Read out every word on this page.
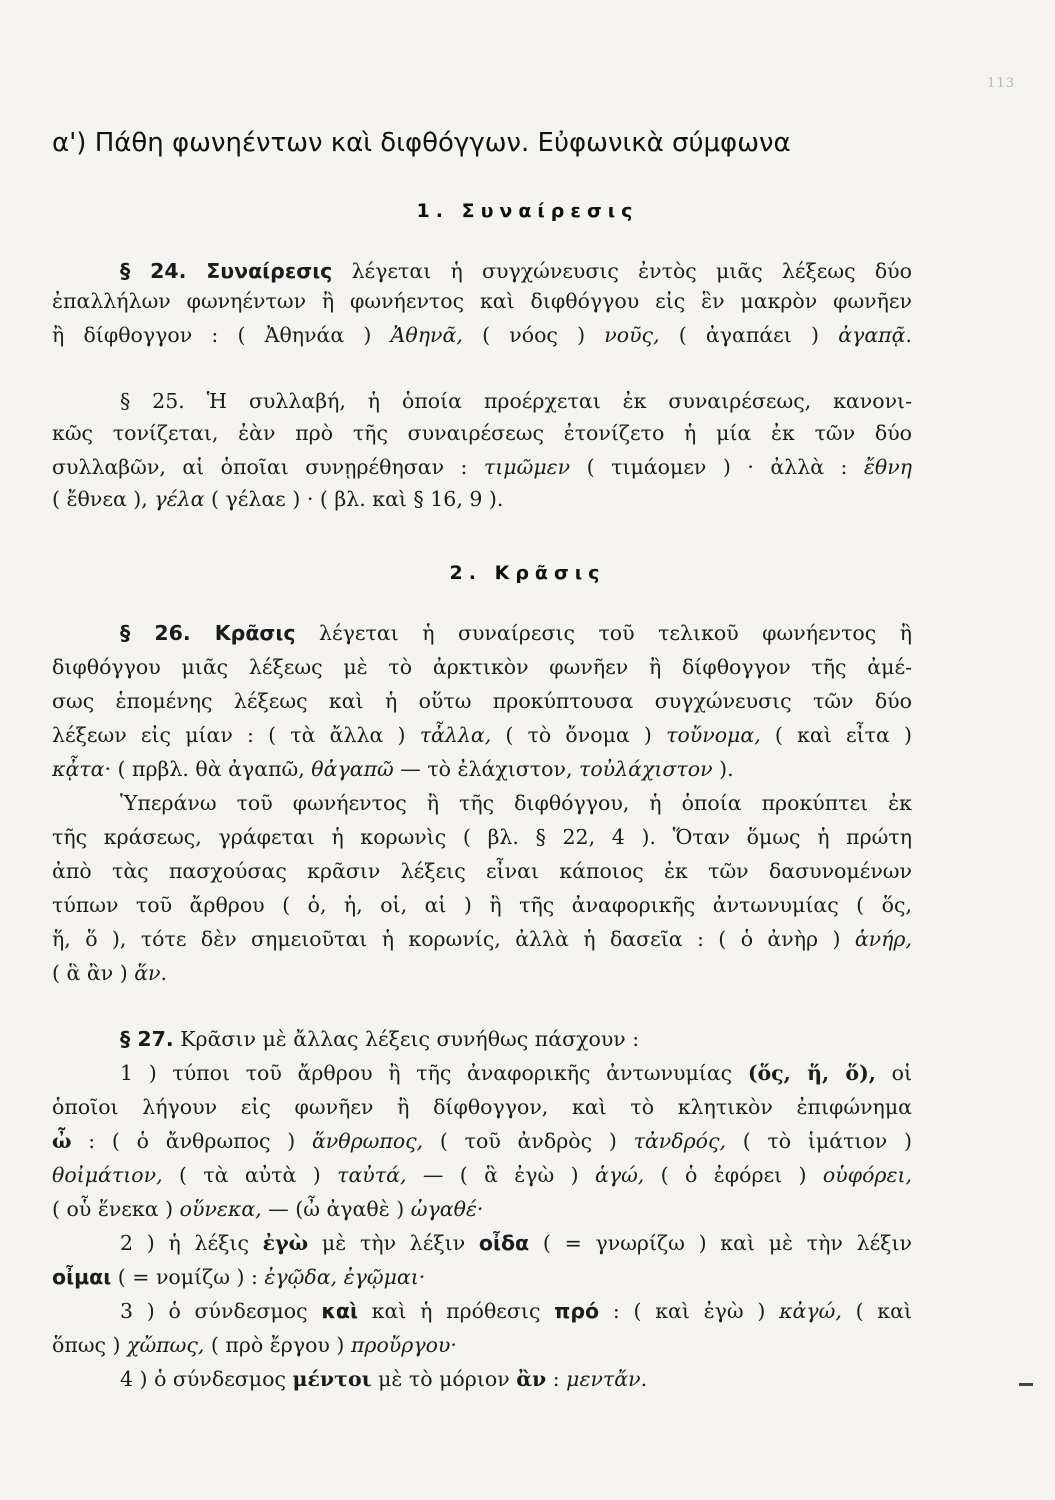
113
α') Πάθη φωνηέντων καὶ διφθόγγων. Εὐφωνικὰ σύμφωνα
1. Συναίρεσις
§ 24. Συναίρεσις λέγεται ἡ συγχώνευσις ἐντὸς μιᾶς λέξεως δύο
ἐπαλλήλων φωνηέντων ἢ φωνήεντος καὶ διφθόγγου εἰς ἓν μακρὸν φωνῆεν
ἢ δίφθογγον : ( Ἀθηνάα ) Ἀθηνᾶ, ( νόος ) νοῦς, ( ἀγαπάει ) ἀγαπᾷ.
§ 25. Ἡ συλλαβή, ἡ ὁποία προέρχεται ἐκ συναιρέσεως, κανονι-
κῶς τονίζεται, ἐὰν πρὸ τῆς συναιρέσεως ἐτονίζετο ἡ μία ἐκ τῶν δύο
συλλαβῶν, αἱ ὁποῖαι συνῃρέθησαν : τιμῶμεν ( τιμάομεν ) · ἀλλὰ : ἔθνη
( ἔθνεα ), γέλα ( γέλαε ) · ( βλ. καὶ § 16, 9 ).
2. Κρᾶσις
§ 26. Κρᾶσις λέγεται ἡ συναίρεσις τοῦ τελικοῦ φωνήεντος ἢ
διφθόγγου μιᾶς λέξεως μὲ τὸ ἀρκτικὸν φωνῆεν ἢ δίφθογγον τῆς ἀμέ-
σως ἑπομένης λέξεως καὶ ἡ οὕτω προκύπτουσα συγχώνευσις τῶν δύο
λέξεων εἰς μίαν : ( τὰ ἄλλα ) τἆλλα, ( τὸ ὄνομα ) τοὔνομα, ( καὶ εἶτα )
κᾆτα· ( πρβλ. θὰ ἀγαπῶ, θἀγαπῶ — τὸ ἐλάχιστον, τοὐλάχιστον ).
Ὑπεράνω τοῦ φωνήεντος ἢ τῆς διφθόγγου, ἡ ὁποία προκύπτει ἐκ
τῆς κράσεως, γράφεται ἡ κορωνὶς ( βλ. § 22, 4 ). Ὅταν ὅμως ἡ πρώτη
ἀπὸ τὰς πασχούσας κρᾶσιν λέξεις εἶναι κάποιος ἐκ τῶν δασυνομένων
τύπων τοῦ ἄρθρου ( ὁ, ἡ, οἱ, αἱ ) ἢ τῆς ἀναφορικῆς ἀντωνυμίας ( ὅς,
ἥ, ὅ ), τότε δὲν σημειοῦται ἡ κορωνίς, ἀλλὰ ἡ δασεῖα : ( ὁ ἀνὴρ ) ἁνήρ,
( ἃ ἂν ) ἅν.
§ 27. Κρᾶσιν μὲ ἄλλας λέξεις συνήθως πάσχουν :
1 ) τύποι τοῦ ἄρθρου ἢ τῆς ἀναφορικῆς ἀντωνυμίας (ὅς, ἥ, ὅ), οἱ
ὁποῖοι λήγουν εἰς φωνῆεν ἢ δίφθογγον, καὶ τὸ κλητικὸν ἐπιφώνημα
ὦ : ( ὁ ἄνθρωπος ) ἅνθρωπος, ( τοῦ ἀνδρὸς ) τἀνδρός, ( τὸ ἱμάτιον )
θοἰμάτιον, ( τὰ αὐτὰ ) ταὐτά, — ( ἃ ἐγὼ ) ἁγώ, ( ὁ ἐφόρει ) οὑφόρει,
( οὗ ἕνεκα ) οὕνεκα, — (ὦ ἀγαθὲ ) ὠγαθέ·
2 ) ἡ λέξις ἐγὼ μὲ τὴν λέξιν οἶδα ( = γνωρίζω ) καὶ μὲ τὴν λέξιν
οἶμαι ( = νομίζω ) : ἐγῷδα, ἐγῷμαι·
3 ) ὁ σύνδεσμος καὶ καὶ ἡ πρόθεσις πρό : ( καὶ ἐγὼ ) κἀγώ, ( καὶ
ὅπως ) χὤπως, ( πρὸ ἔργου ) προὔργου·
4 ) ὁ σύνδεσμος μέντοι μὲ τὸ μόριον ἂν : μεντἄν.
